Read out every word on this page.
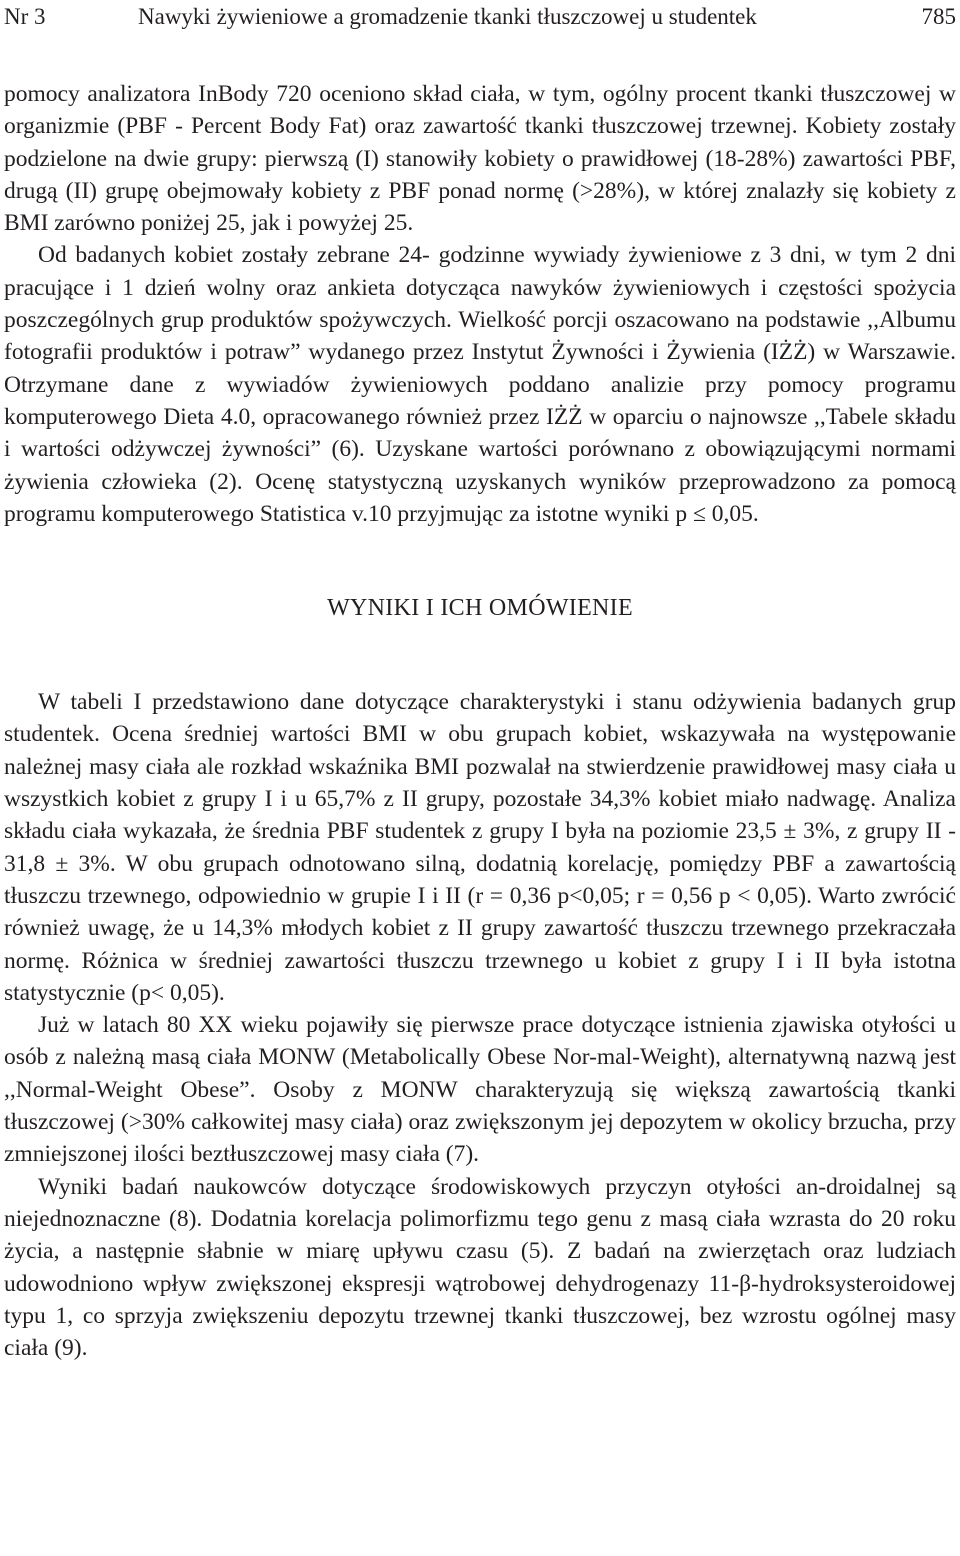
Nr 3	Nawyki żywieniowe a gromadzenie tkanki tłuszczowej u studentek	785

pomocy analizatora InBody 720 oceniono skład ciała, w tym, ogólny procent tkanki tłuszczowej w organizmie (PBF - Percent Body Fat) oraz zawartość tkanki tłuszczowej trzewnej. Kobiety zostały podzielone na dwie grupy: pierwszą (I) stanowiły kobiety o prawidłowej (18-28%) zawartości PBF, drugą (II) grupę obejmowały kobiety z PBF ponad normę (>28%), w której znalazły się kobiety z BMI zarówno poniżej 25, jak i powyżej 25.

Od badanych kobiet zostały zebrane 24- godzinne wywiady żywieniowe z 3 dni, w tym 2 dni pracujące i 1 dzień wolny oraz ankieta dotycząca nawyków żywieniowych i częstości spożycia poszczególnych grup produktów spożywczych. Wielkość porcji oszacowano na podstawie ,,Albumu fotografii produktów i potraw” wydanego przez Instytut Żywności i Żywienia (IŻŻ) w Warszawie. Otrzymane dane z wywiadów żywieniowych poddano analizie przy pomocy programu komputerowego Dieta 4.0, opracowanego również przez IŻŻ w oparciu o najnowsze ,,Tabele składu i wartości odżywczej żywności” (6). Uzyskane wartości porównano z obowiązującymi normami żywienia człowieka (2). Ocenę statystyczną uzyskanych wyników przeprowadzono za pomocą programu komputerowego Statistica v.10 przyjmując za istotne wyniki p ≤ 0,05.

WYNIKI I ICH OMÓWIENIE

W tabeli I przedstawiono dane dotyczące charakterystyki i stanu odżywienia badanych grup studentek. Ocena średniej wartości BMI w obu grupach kobiet, wskazywała na występowanie należnej masy ciała ale rozkład wskaźnika BMI pozwalał na stwierdzenie prawidłowej masy ciała u wszystkich kobiet z grupy I i u 65,7% z II grupy, pozostałe 34,3% kobiet miało nadwagę. Analiza składu ciała wykazała, że średnia PBF studentek z grupy I była na poziomie 23,5 ± 3%, z grupy II - 31,8 ± 3%. W obu grupach odnotowano silną, dodatnią korelację, pomiędzy PBF a zawartością tłuszczu trzewnego, odpowiednio w grupie I i II (r = 0,36 p<0,05; r = 0,56 p < 0,05). Warto zwrócić również uwagę, że u 14,3% młodych kobiet z II grupy zawartość tłuszczu trzewnego przekraczała normę. Różnica w średniej zawartości tłuszczu trzewnego u kobiet z grupy I i II była istotna statystycznie (p< 0,05).

Już w latach 80 XX wieku pojawiły się pierwsze prace dotyczące istnienia zjawiska otyłości u osób z należną masą ciała MONW (Metabolically Obese Nor-mal-Weight), alternatywną nazwą jest ,,Normal-Weight Obese”. Osoby z MONW charakteryzują się większą zawartością tkanki tłuszczowej (>30% całkowitej masy ciała) oraz zwiększonym jej depozytem w okolicy brzucha, przy zmniejszonej ilości beztłuszczowej masy ciała (7).

Wyniki badań naukowców dotyczące środowiskowych przyczyn otyłości an-droidalnej są niejednoznaczne (8). Dodatnia korelacja polimorfizmu tego genu z masą ciała wzrasta do 20 roku życia, a następnie słabnie w miarę upływu czasu (5). Z badań na zwierzętach oraz ludziach udowodniono wpływ zwiększonej ekspresji wątrobowej dehydrogenazy 11-β-hydroksysteroidowej typu 1, co sprzyja zwiększeniu depozytu trzewnej tkanki tłuszczowej, bez wzrostu ogólnej masy ciała (9).
